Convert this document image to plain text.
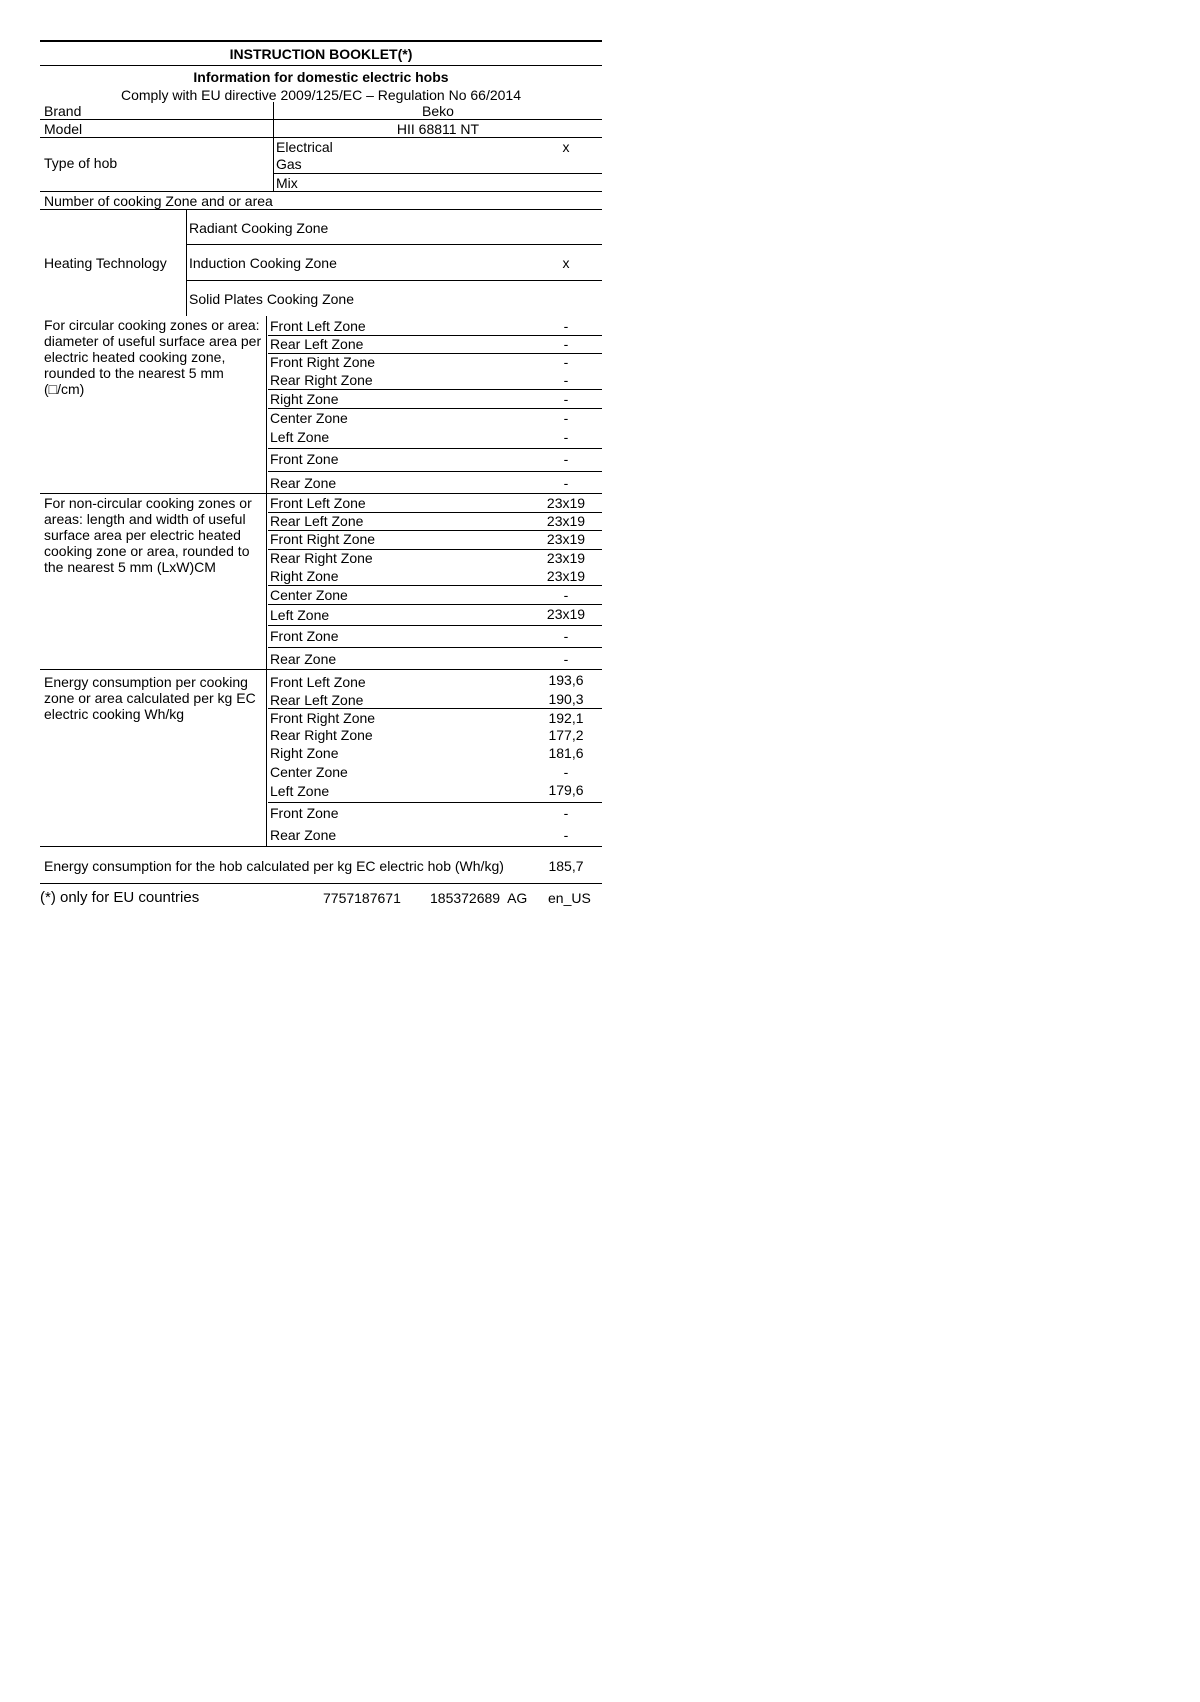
INSTRUCTION BOOKLET(*)
Information for domestic electric hobs
Comply with EU directive 2009/125/EC – Regulation No 66/2014
Brand	Beko
Model	HII 68811 NT
Type of hob
Electrical	x
Gas
Mix
Number of cooking Zone and or area
Heating Technology
Radiant Cooking Zone
Induction Cooking Zone	x
Solid Plates Cooking Zone
For circular cooking zones or area: diameter of useful surface area per electric heated cooking zone, rounded to the nearest 5 mm (□/cm)
Front Left Zone	-
Rear Left Zone	-
Front Right Zone	-
Rear Right Zone	-
Right Zone	-
Center Zone	-
Left Zone	-
Front Zone	-
Rear Zone	-
For non-circular cooking zones or areas: length and width of useful surface area per electric heated cooking zone or area, rounded to the nearest 5 mm (LxW)CM
Front Left Zone	23x19
Rear Left Zone	23x19
Front Right Zone	23x19
Rear Right Zone	23x19
Right Zone	23x19
Center Zone	-
Left Zone	23x19
Front Zone	-
Rear Zone	-
Energy consumption per cooking zone or area calculated per kg EC electric cooking Wh/kg
Front Left Zone	193,6
Rear Left Zone	190,3
Front Right Zone	192,1
Rear Right Zone	177,2
Right Zone	181,6
Center Zone	-
Left Zone	179,6
Front Zone	-
Rear Zone	-
Energy consumption for the hob calculated per kg EC electric hob (Wh/kg)	185,7
(*) only for EU countries	7757187671 185372689  AG en_US
